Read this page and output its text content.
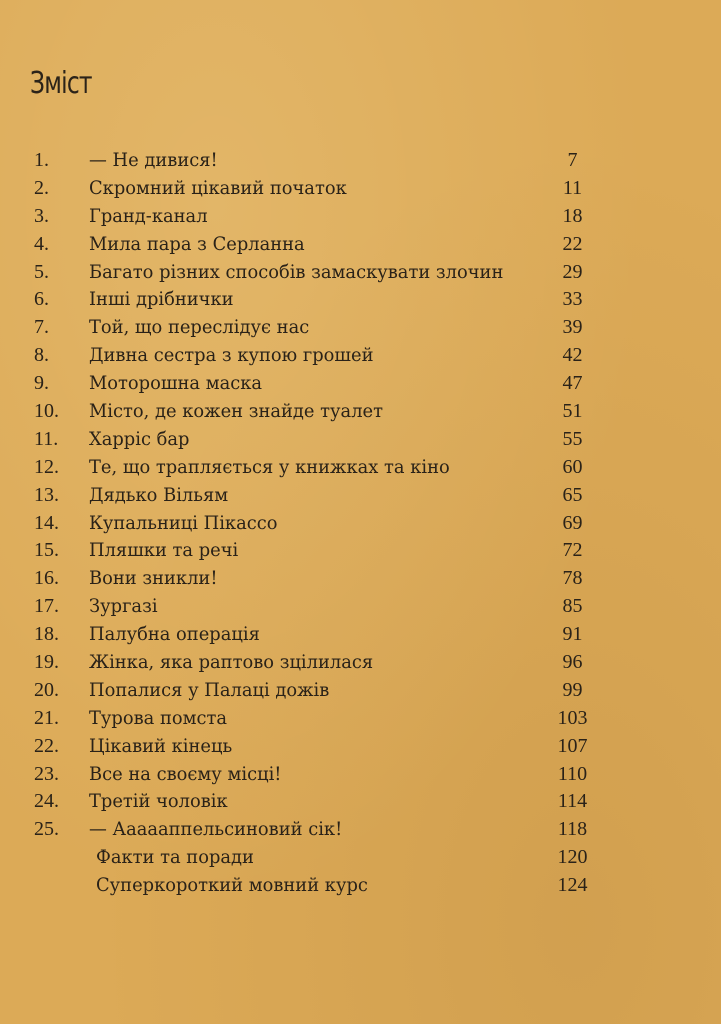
Зміст
1. — Не дивися!	7
2. Скромний цікавий початок	11
3. Гранд-канал	18
4. Мила пара з Серланна	22
5. Багато різних способів замаскувати злочин	29
6. Інші дрібнички	33
7. Той, що переслідує нас	39
8. Дивна сестра з купою грошей	42
9. Моторошна маска	47
10. Місто, де кожен знайде туалет	51
11. Харріс бар	55
12. Те, що трапляється у книжках та кіно	60
13. Дядько Вільям	65
14. Купальниці Пікассо	69
15. Пляшки та речі	72
16. Вони зникли!	78
17. Зургазі	85
18. Палубна операція	91
19. Жінка, яка раптово зцілилася	96
20. Попалися у Палаці дожів	99
21. Турова помста	103
22. Цікавий кінець	107
23. Все на своєму місці!	110
24. Третій чоловік	114
25. — Аааааппельсиновий сік!	118
Факти та поради	120
Суперкороткий мовний курс	124
